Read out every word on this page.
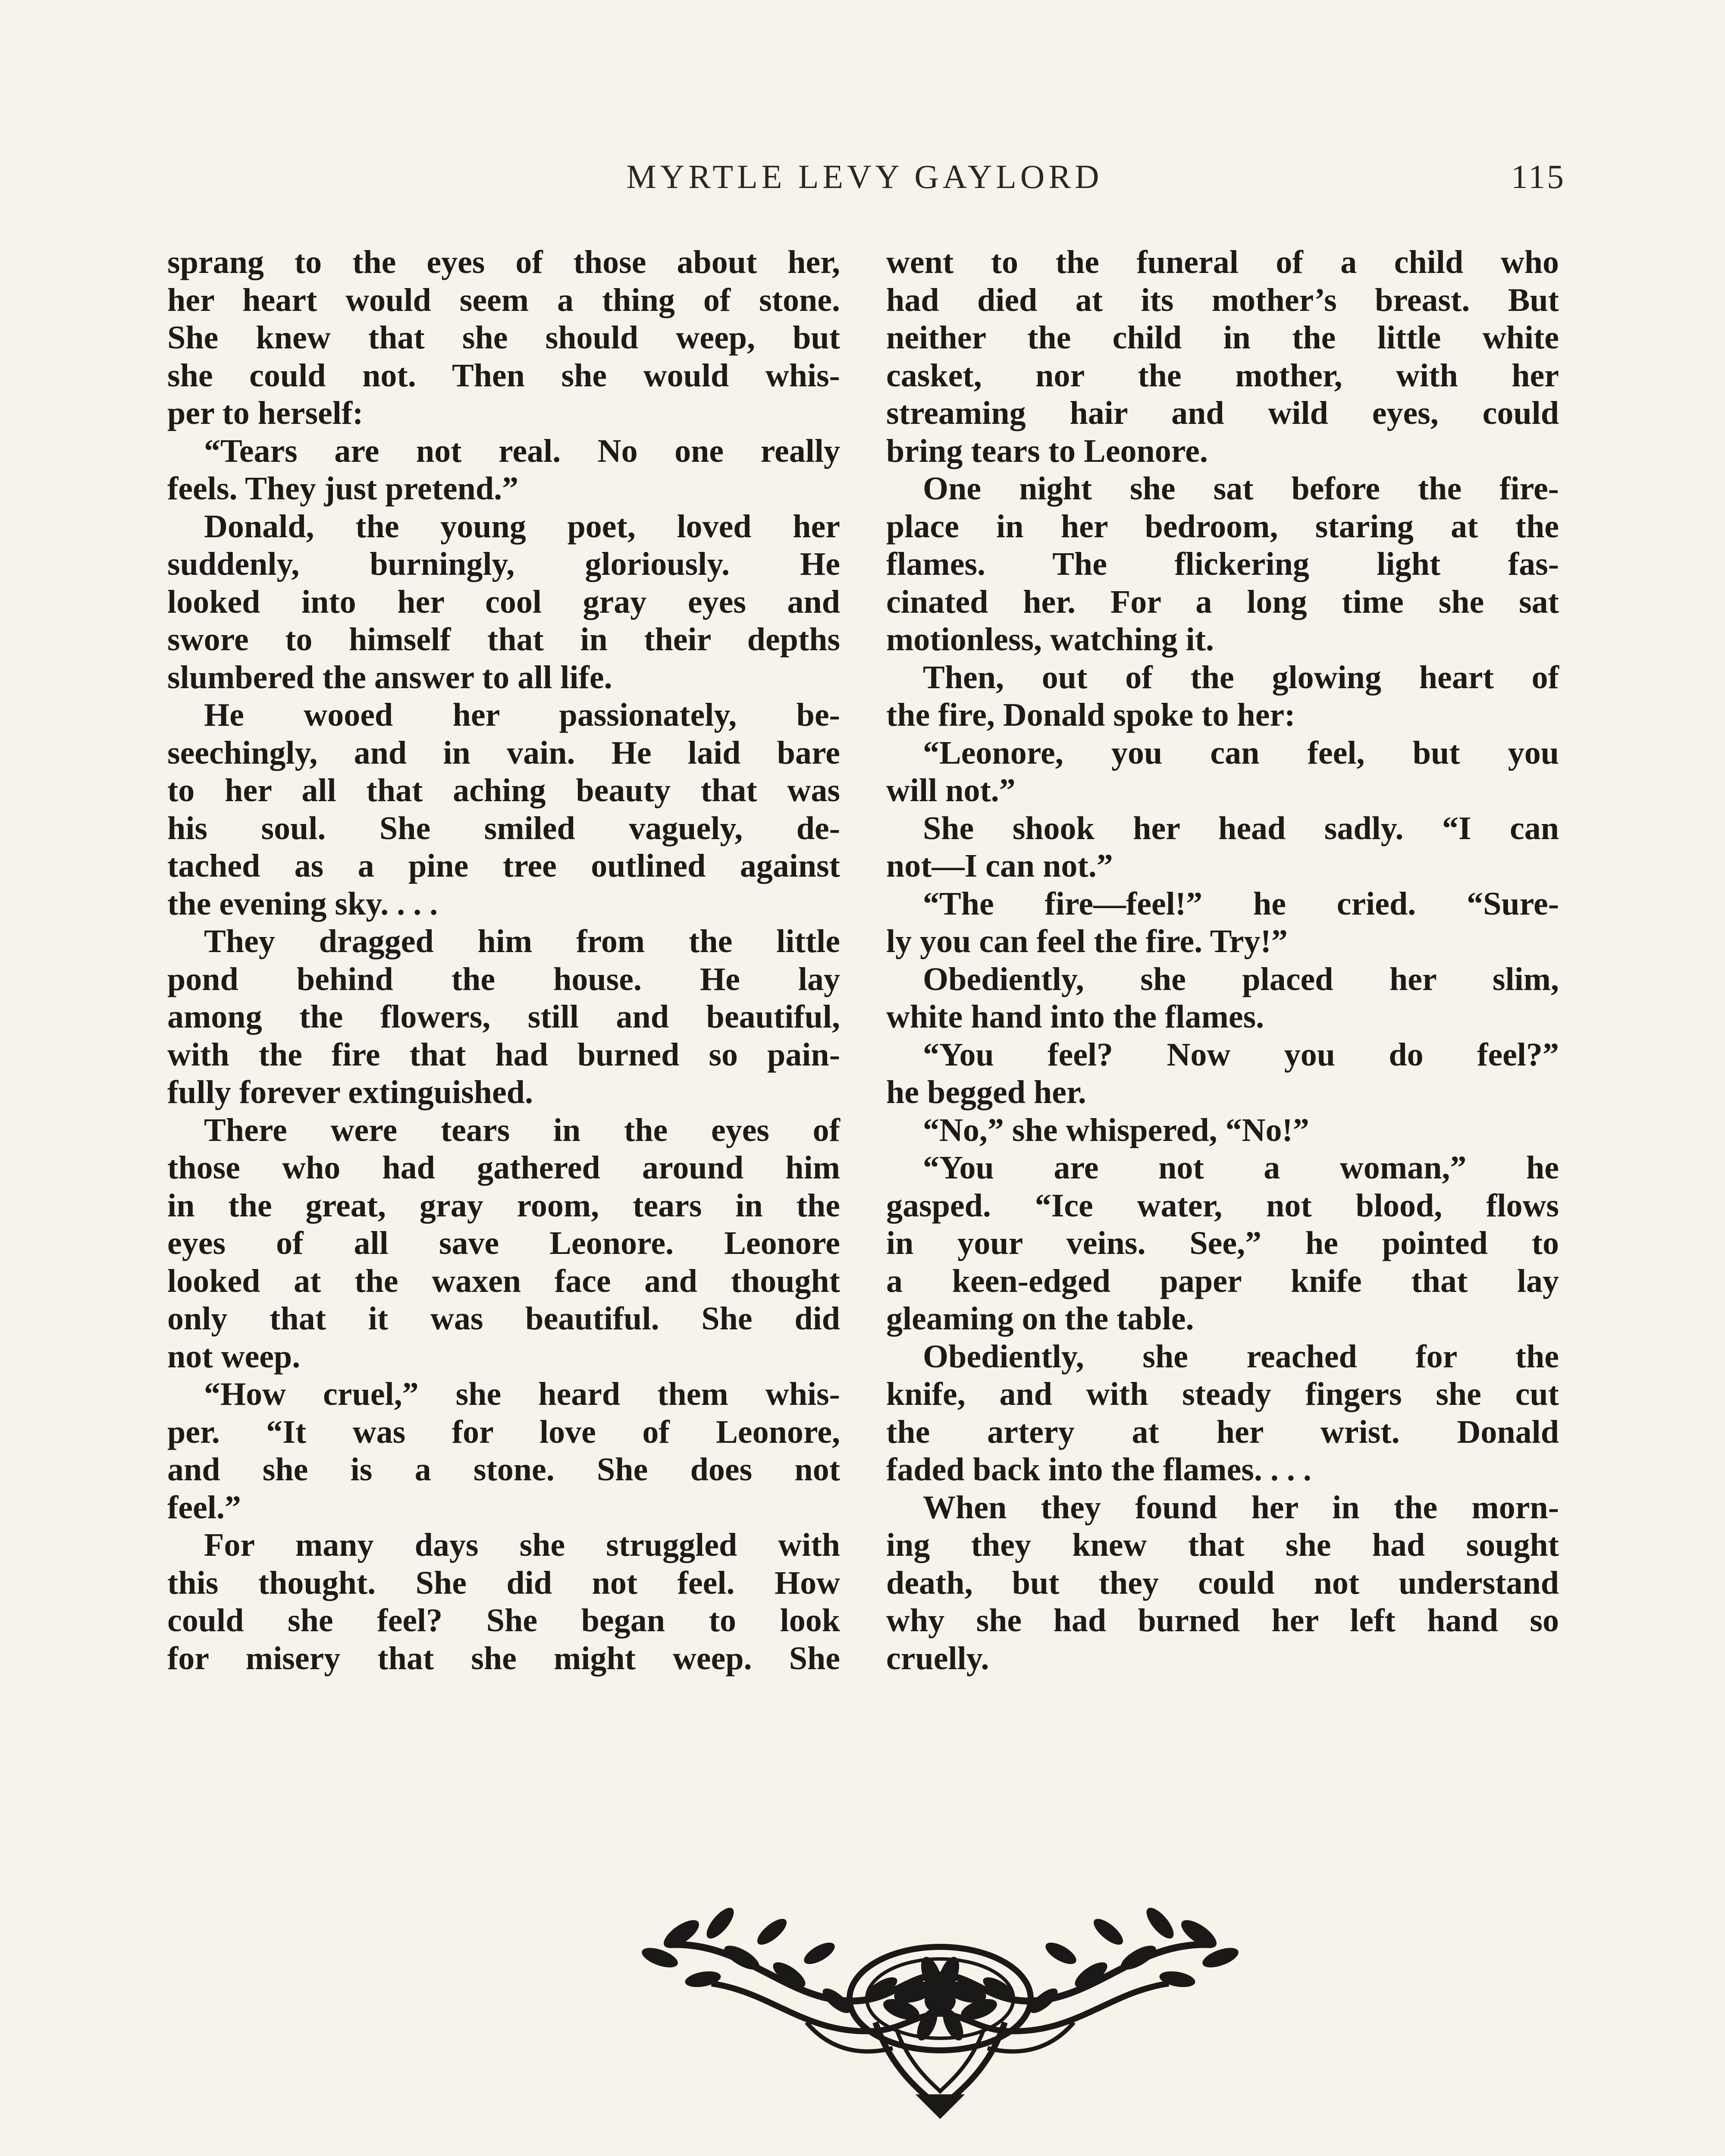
MYRTLE LEVY GAYLORD	115

sprang to the eyes of those about her,
her heart would seem a thing of stone.
She knew that she should weep, but
she could not. Then she would whis-
per to herself:

“Tears are not real. No one really
feels. They just pretend.”

Donald, the young poet, loved her
suddenly, burningly, gloriously. He
looked into her cool gray eyes and
swore to himself that in their depths
slumbered the answer to all life.

He wooed her passionately, be-
seechingly, and in vain. He laid bare
to her all that aching beauty that was
his soul. She smiled vaguely, de-
tached as a pine tree outlined against
the evening sky. . . .

They dragged him from the little
pond behind the house. He lay
among the flowers, still and beautiful,
with the fire that had burned so pain-
fully forever extinguished.

There were tears in the eyes of
those who had gathered around him
in the great, gray room, tears in the
eyes of all save Leonore. Leonore
looked at the waxen face and thought
only that it was beautiful. She did
not weep.

“How cruel,” she heard them whis-
per. “It was for love of Leonore,
and she is a stone. She does not
feel.”

For many days she struggled with
this thought. She did not feel. How
could she feel? She began to look
for misery that she might weep. She

went to the funeral of a child who
had died at its mother’s breast. But
neither the child in the little white
casket, nor the mother, with her
streaming hair and wild eyes, could
bring tears to Leonore.

One night she sat before the fire-
place in her bedroom, staring at the
flames. The flickering light fas-
cinated her. For a long time she sat
motionless, watching it.

Then, out of the glowing heart of
the fire, Donald spoke to her:

“Leonore, you can feel, but you
will not.”

She shook her head sadly. “I can
not—I can not.”

“The fire—feel!” he cried. “Sure-
ly you can feel the fire. Try!”

Obediently, she placed her slim,
white hand into the flames.

“You feel? Now you do feel?”
he begged her.

“No,” she whispered, “No!”

“You are not a woman,” he
gasped. “Ice water, not blood, flows
in your veins. See,” he pointed to
a keen-edged paper knife that lay
gleaming on the table.

Obediently, she reached for the
knife, and with steady fingers she cut
the artery at her wrist. Donald
faded back into the flames. . . .

When they found her in the morn-
ing they knew that she had sought
death, but they could not understand
why she had burned her left hand so
cruelly.
